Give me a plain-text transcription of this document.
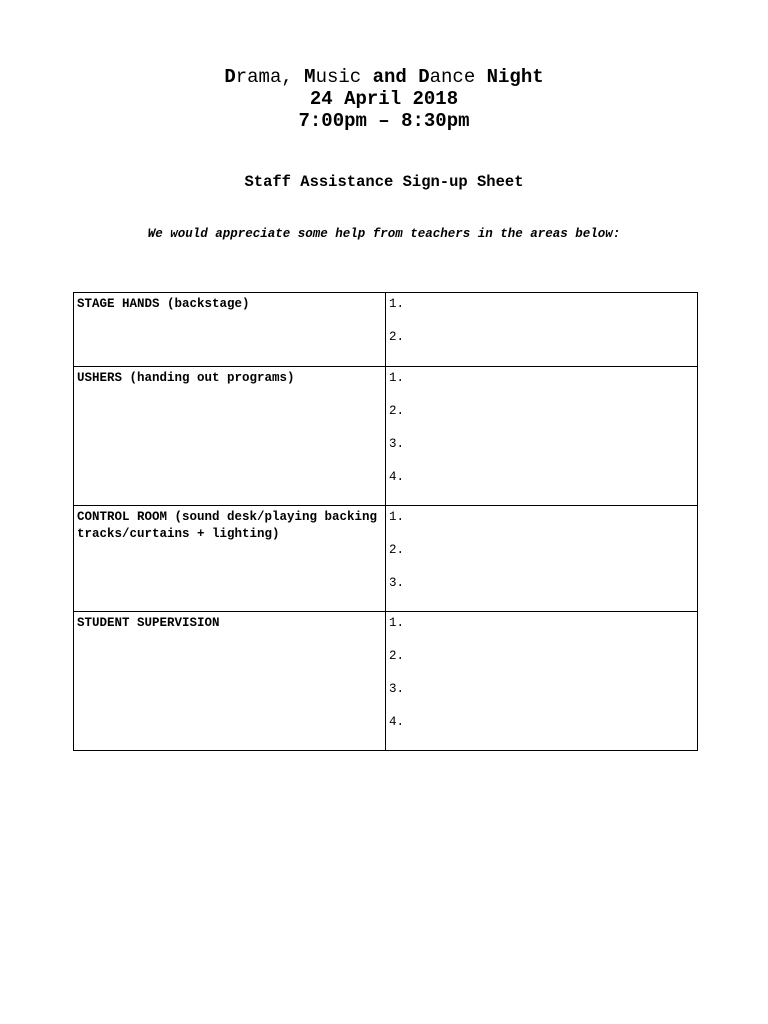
Drama, Music and Dance Night
24 April 2018
7:00pm – 8:30pm
Staff Assistance Sign-up Sheet
We would appreciate some help from teachers in the areas below:
STAGE HANDS (backstage)	1.
2.

USHERS (handing out programs)	1.
2.
3.
4.

CONTROL ROOM (sound desk/playing backing tracks/curtains + lighting)	1.
2.
3.

STUDENT SUPERVISION	1.
2.
3.
4.
